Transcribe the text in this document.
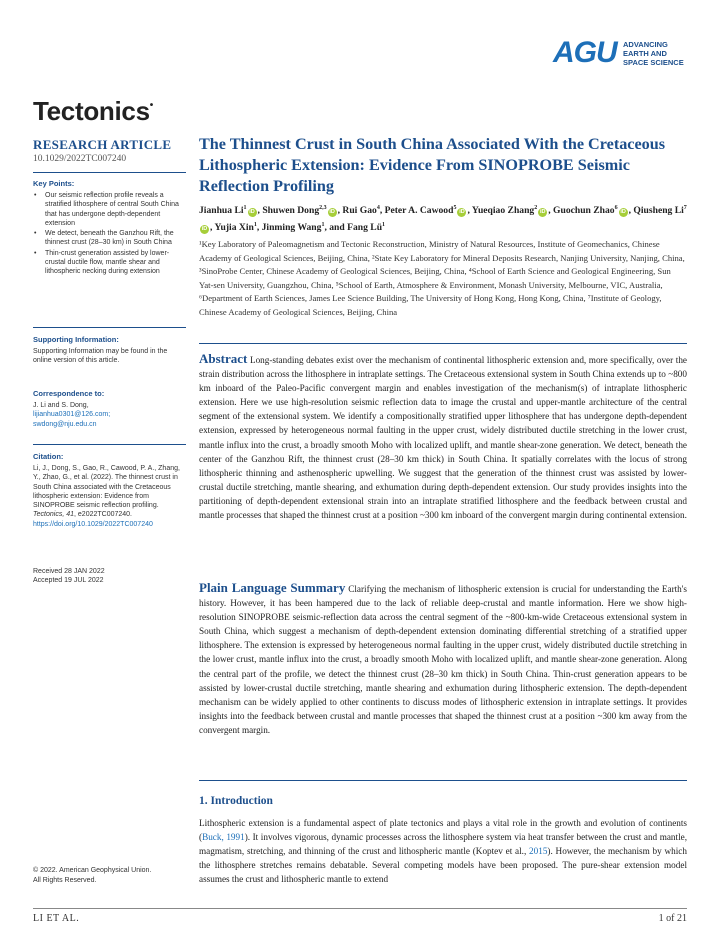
AGU ADVANCING
EARTH AND
SPACE SCIENCE
Tectonics•
RESEARCH ARTICLE
10.1029/2022TC007240
Key Points:
• Our seismic reflection profile reveals a stratified lithosphere of central South China that has undergone depth-dependent extension
• We detect, beneath the Ganzhou Rift, the thinnest crust (28–30 km) in South China
• Thin-crust generation assisted by lower-crustal ductile flow, mantle shear and lithospheric necking during extension
Supporting Information:
Supporting Information may be found in the online version of this article.
Correspondence to:
J. Li and S. Dong,
lijianhua0301@126.com;
swdong@nju.edu.cn
Citation:
Li, J., Dong, S., Gao, R., Cawood, P. A., Zhang, Y., Zhao, G., et al. (2022). The thinnest crust in South China associated with the Cretaceous lithospheric extension: Evidence from SINOPROBE seismic reflection profiling. Tectonics, 41, e2022TC007240. https://doi.org/10.1029/2022TC007240
Received 28 JAN 2022
Accepted 19 JUL 2022
© 2022. American Geophysical Union.
All Rights Reserved.
The Thinnest Crust in South China Associated With the Cretaceous Lithospheric Extension: Evidence From SINOPROBE Seismic Reflection Profiling
Jianhua Li$^1$iD , Shuwen Dong$^{2,3}$iD , Rui Gao$^4$, Peter A. Cawood$^5$iD , Yueqiao Zhang$^2$iD , Guochun Zhao$^6$iD , Qiusheng Li$^7$iD , Yujia Xin$^1$, Jinming Wang$^1$, and Fang $Lü^1$
¹Key Laboratory of Paleomagnetism and Tectonic Reconstruction, Ministry of Natural Resources, Institute of Geomechanics, Chinese Academy of Geological Sciences, Beijing, China, ²State Key Laboratory for Mineral Deposits Research, Nanjing University, Nanjing, China, ³SinoProbe Center, Chinese Academy of Geological Sciences, Beijing, China, ⁴School of Earth Science and Geological Engineering, Sun Yat-sen University, Guangzhou, China, ⁵School of Earth, Atmosphere & Environment, Monash University, Melbourne, VIC, Australia, ⁶Department of Earth Sciences, James Lee Science Building, The University of Hong Kong, Hong Kong, China, ⁷Institute of Geology, Chinese Academy of Geological Sciences, Beijing, China
Abstract Long-standing debates exist over the mechanism of continental lithospheric extension and, more specifically, over the strain distribution across the lithosphere in intraplate settings. The Cretaceous extensional system in South China extends up to ~800 km inboard of the Paleo-Pacific convergent margin and enables investigation of the mechanism(s) of intraplate lithospheric extension. Here we use high-resolution seismic reflection data to image the crustal and upper-mantle architecture of the central segment of the extensional system. We identify a compositionally stratified upper lithosphere that has undergone depth-dependent extension, expressed by heterogeneous normal faulting in the upper crust, widely distributed ductile stretching in the lower crust, mantle influx into the crust, a broadly smooth Moho with localized uplift, and mantle shear-zone generation. We detect, beneath the center of the Ganzhou Rift, the thinnest crust (28–30 km thick) in South China. It spatially correlates with the locus of strong lithospheric thinning and asthenospheric upwelling. We suggest that the generation of the thinnest crust was assisted by lower-crustal ductile stretching, mantle shearing, and exhumation during depth-dependent extension. Our study provides insights into the partitioning of depth-dependent extensional strain into an intraplate stratified lithosphere and the feedback between crustal and mantle processes that shaped the thinnest crust at a position ~300 km inboard of the convergent margin during continental extension.
Plain Language Summary Clarifying the mechanism of lithospheric extension is crucial for understanding the Earth's history. However, it has been hampered due to the lack of reliable deep-crustal and mantle information. Here we show high-resolution SINOPROBE seismic-reflection data across the central segment of the ~800-km-wide Cretaceous extensional system in South China, which suggest a mechanism of depth-dependent extension dominating differential stretching of a stratified upper lithosphere. The extension is expressed by heterogeneous normal faulting in the upper crust, widely distributed ductile stretching in the lower crust, mantle influx into the crust, a broadly smooth Moho with localized uplift, and mantle shear-zone generation. Along the central part of the profile, we detect the thinnest crust (28–30 km thick) in South China. Thin-crust generation appears to be assisted by lower-crustal ductile stretching, mantle shearing and exhumation during lithospheric extension. The depth-dependent mechanism can be widely applied to other continents to discuss modes of lithospheric extension in intraplate settings. It provides insights into the feedback between crustal and mantle processes that shaped the thinnest crust at a position ~300 km away from the convergent margin.
1. Introduction
Lithospheric extension is a fundamental aspect of plate tectonics and plays a vital role in the growth and evolution of continents (Buck, 1991). It involves vigorous, dynamic processes across the lithosphere system via heat transfer between the crust and mantle, magmatism, stretching, and thinning of the crust and lithospheric mantle (Koptev et al., 2015). However, the mechanism by which the lithosphere stretches remains debatable. Several competing models have been proposed. The pure-shear extension model assumes the crust and lithospheric mantle to extend
LI ET AL.	1 of 21
